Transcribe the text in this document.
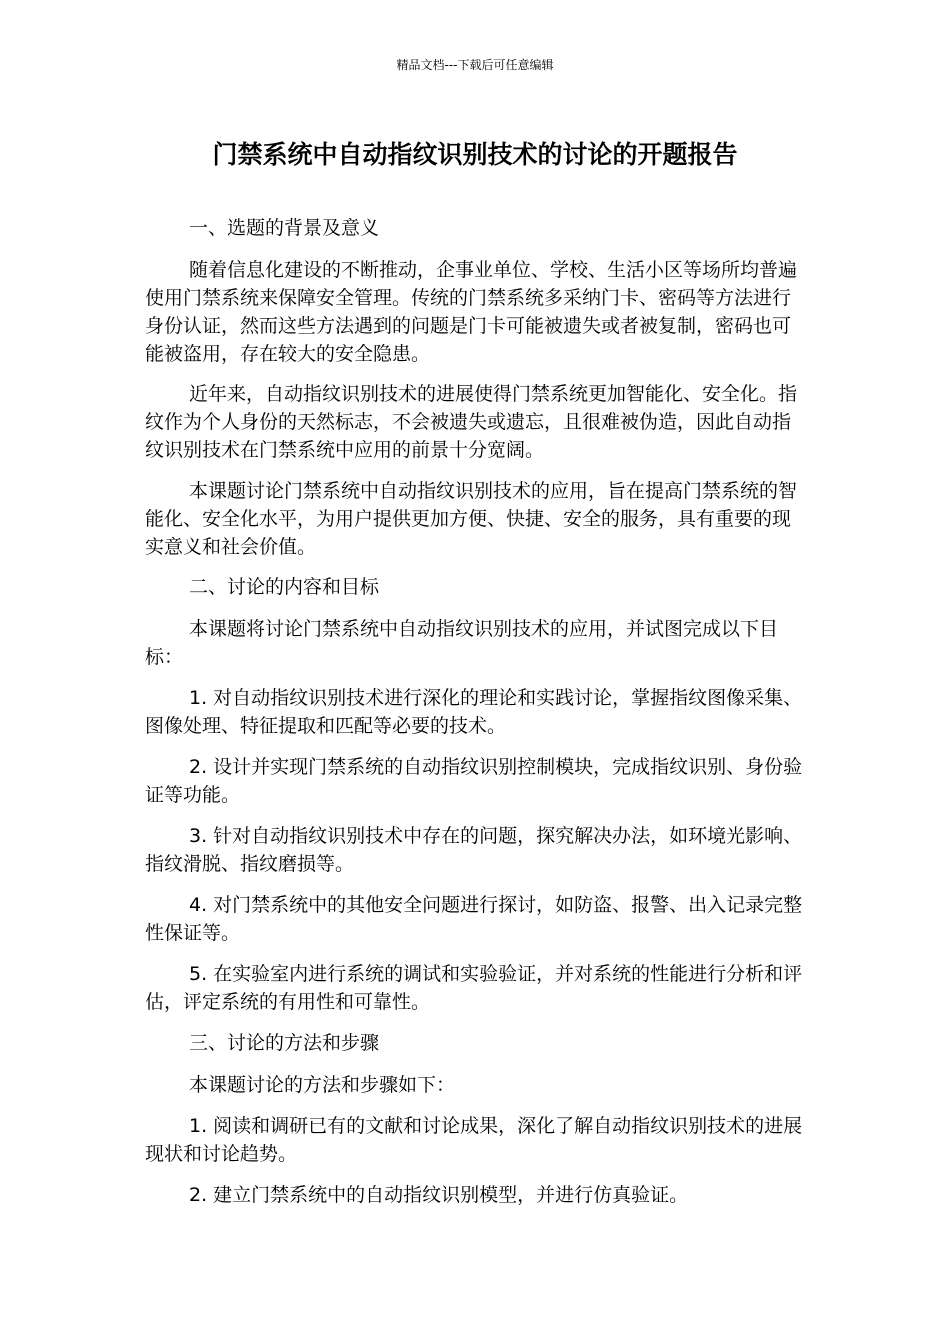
精品文档---下载后可任意编辑
门禁系统中自动指纹识别技术的讨论的开题报告

一、选题的背景及意义

随着信息化建设的不断推动，企事业单位、学校、生活小区等场所均普遍使用门禁系统来保障安全管理。传统的门禁系统多采纳门卡、密码等方法进行身份认证，然而这些方法遇到的问题是门卡可能被遗失或者被复制，密码也可能被盗用，存在较大的安全隐患。

近年来，自动指纹识别技术的进展使得门禁系统更加智能化、安全化。指纹作为个人身份的天然标志，不会被遗失或遗忘，且很难被伪造，因此自动指纹识别技术在门禁系统中应用的前景十分宽阔。

本课题讨论门禁系统中自动指纹识别技术的应用，旨在提高门禁系统的智能化、安全化水平，为用户提供更加方便、快捷、安全的服务，具有重要的现实意义和社会价值。

二、讨论的内容和目标

本课题将讨论门禁系统中自动指纹识别技术的应用，并试图完成以下目标：

1. 对自动指纹识别技术进行深化的理论和实践讨论，掌握指纹图像采集、图像处理、特征提取和匹配等必要的技术。

2. 设计并实现门禁系统的自动指纹识别控制模块，完成指纹识别、身份验证等功能。

3. 针对自动指纹识别技术中存在的问题，探究解决办法，如环境光影响、指纹滑脱、指纹磨损等。

4. 对门禁系统中的其他安全问题进行探讨，如防盗、报警、出入记录完整性保证等。

5. 在实验室内进行系统的调试和实验验证，并对系统的性能进行分析和评估，评定系统的有用性和可靠性。

三、讨论的方法和步骤

本课题讨论的方法和步骤如下：

1. 阅读和调研已有的文献和讨论成果，深化了解自动指纹识别技术的进展现状和讨论趋势。

2. 建立门禁系统中的自动指纹识别模型，并进行仿真验证。
